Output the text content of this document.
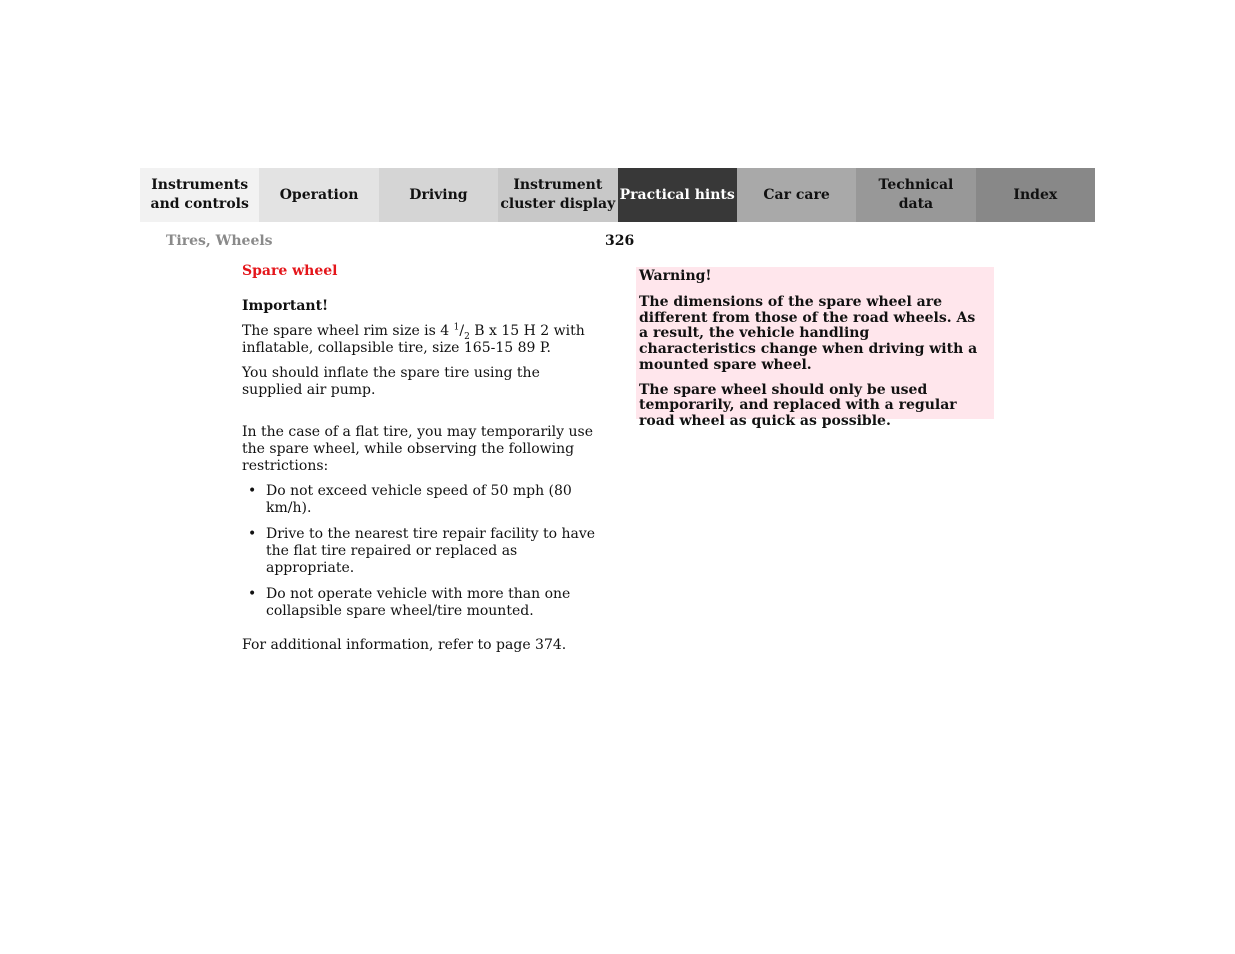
Instruments
and controls
Operation	Driving
Instrument
cluster display
Practical hints	Car care
Technical
data
Index
Tires, Wheels	326

Spare wheel

Important!

The spare wheel rim size is 4 $^1/_2$ B x 15 H 2 with inflatable, collapsible tire, size 165-15 89 P.

You should inflate the spare tire using the supplied air pump.

In the case of a flat tire, you may temporarily use the spare wheel, while observing the following restrictions:

• Do not exceed vehicle speed of 50 mph (80 km/h).
• Drive to the nearest tire repair facility to have the flat tire repaired or replaced as appropriate.
• Do not operate vehicle with more than one collapsible spare wheel/tire mounted.

For additional information, refer to page 374.

Warning!

The dimensions of the spare wheel are different from those of the road wheels. As a result, the vehicle handling characteristics change when driving with a mounted spare wheel.

The spare wheel should only be used temporarily, and replaced with a regular road wheel as quick as possible.
